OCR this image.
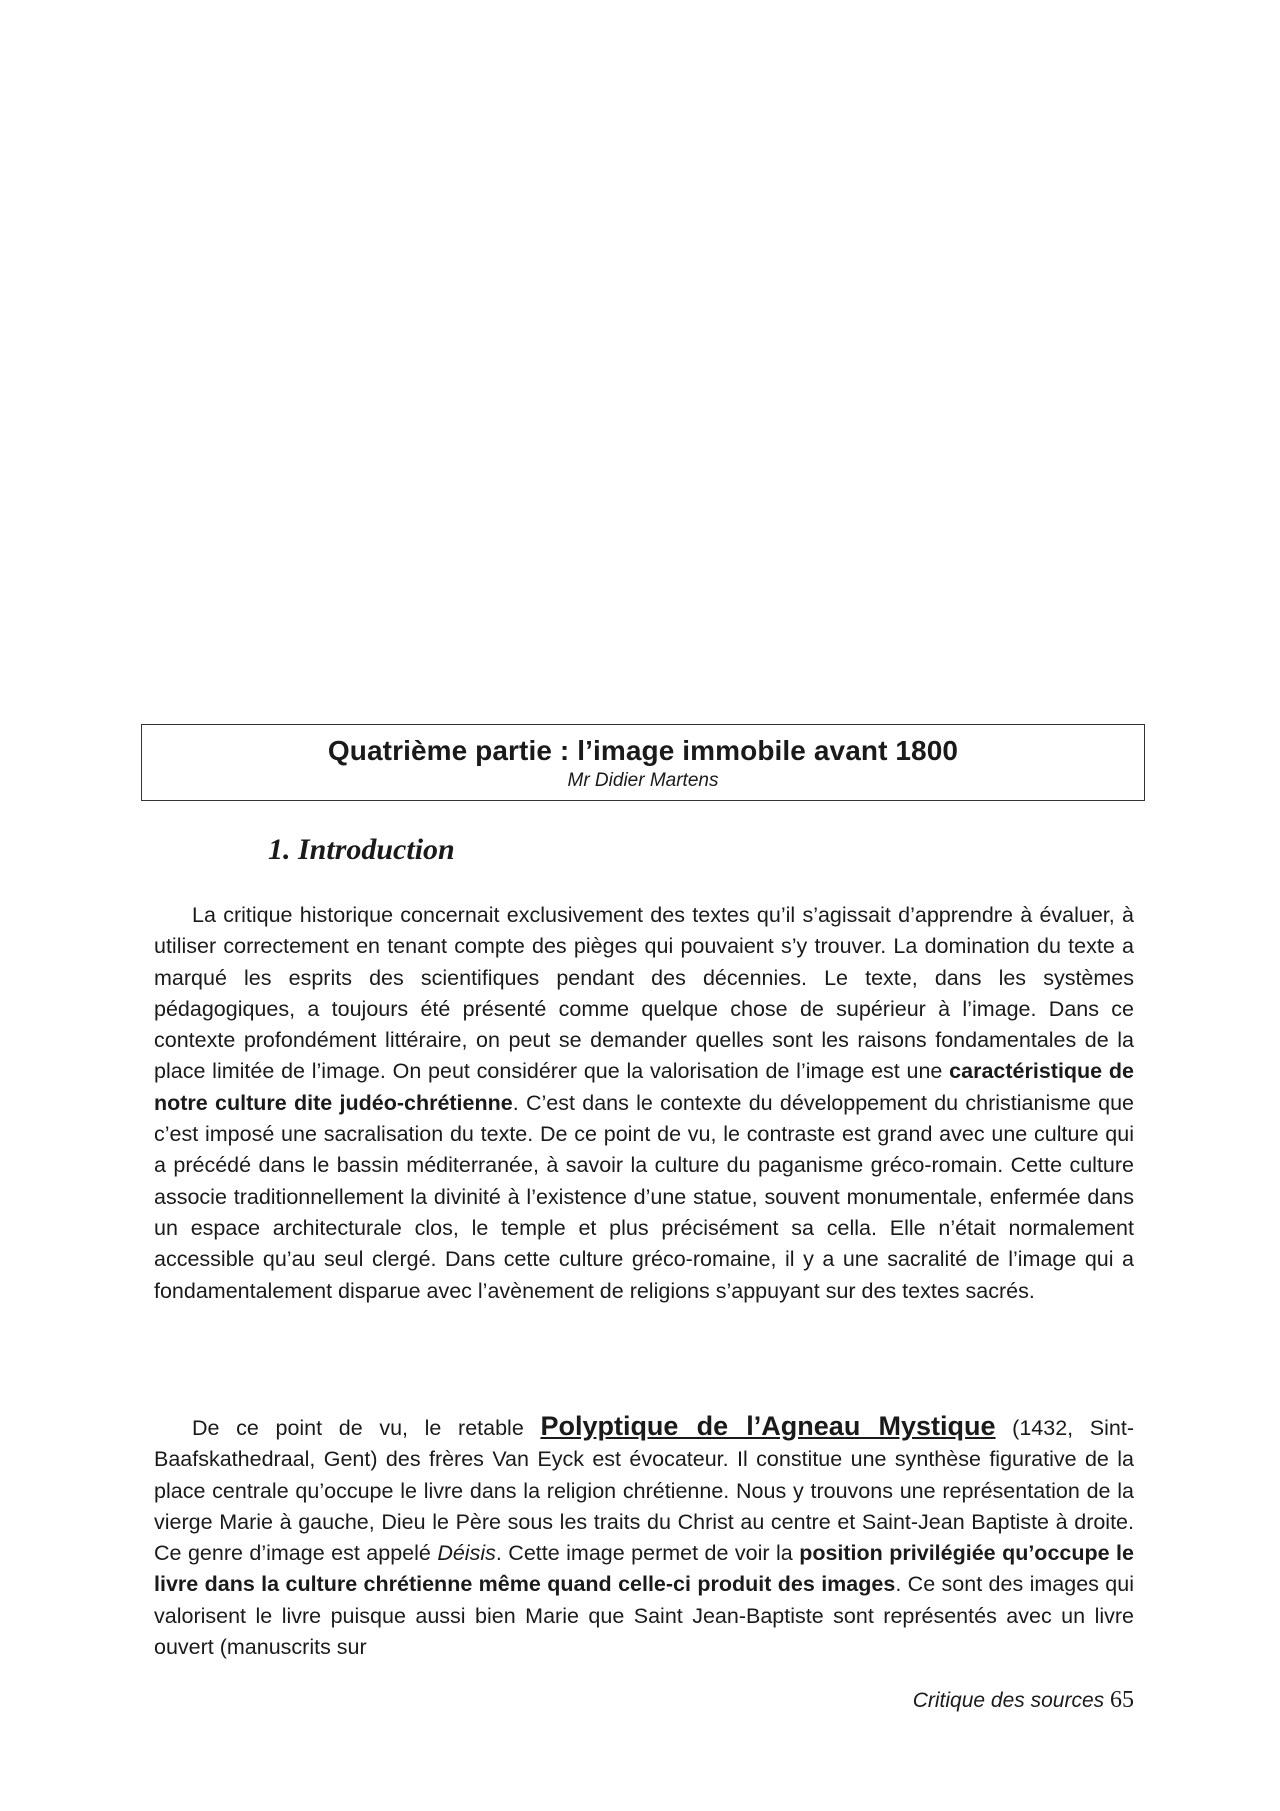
Quatrième partie : l’image immobile avant 1800
Mr Didier Martens
1. Introduction

La critique historique concernait exclusivement des textes qu’il s’agissait d’apprendre à évaluer, à utiliser correctement en tenant compte des pièges qui pouvaient s’y trouver. La domination du texte a marqué les esprits des scientifiques pendant des décennies. Le texte, dans les systèmes pédagogiques, a toujours été présenté comme quelque chose de supérieur à l’image. Dans ce contexte profondément littéraire, on peut se demander quelles sont les raisons fondamentales de la place limitée de l’image. On peut considérer que la valorisation de l’image est une caractéristique de notre culture dite judéo-chrétienne. C’est dans le contexte du développement du christianisme que c’est imposé une sacralisation du texte. De ce point de vu, le contraste est grand avec une culture qui a précédé dans le bassin méditerranée, à savoir la culture du paganisme gréco-romain. Cette culture associe traditionnellement la divinité à l’existence d’une statue, souvent monumentale, enfermée dans un espace architecturale clos, le temple et plus précisément sa cella. Elle n’était normalement accessible qu’au seul clergé. Dans cette culture gréco-romaine, il y a une sacralité de l’image qui a fondamentalement disparue avec l’avènement de religions s’appuyant sur des textes sacrés.

De ce point de vu, le retable Polyptique de l’Agneau Mystique (1432, Sint-Baafskathedraal, Gent) des frères Van Eyck est évocateur. Il constitue une synthèse figurative de la place centrale qu’occupe le livre dans la religion chrétienne. Nous y trouvons une représentation de la vierge Marie à gauche, Dieu le Père sous les traits du Christ au centre et Saint-Jean Baptiste à droite. Ce genre d’image est appelé Déisis. Cette image permet de voir la position privilégiée qu’occupe le livre dans la culture chrétienne même quand celle-ci produit des images. Ce sont des images qui valorisent le livre puisque aussi bien Marie que Saint Jean-Baptiste sont représentés avec un livre ouvert (manuscrits sur

Critique des sources 65
